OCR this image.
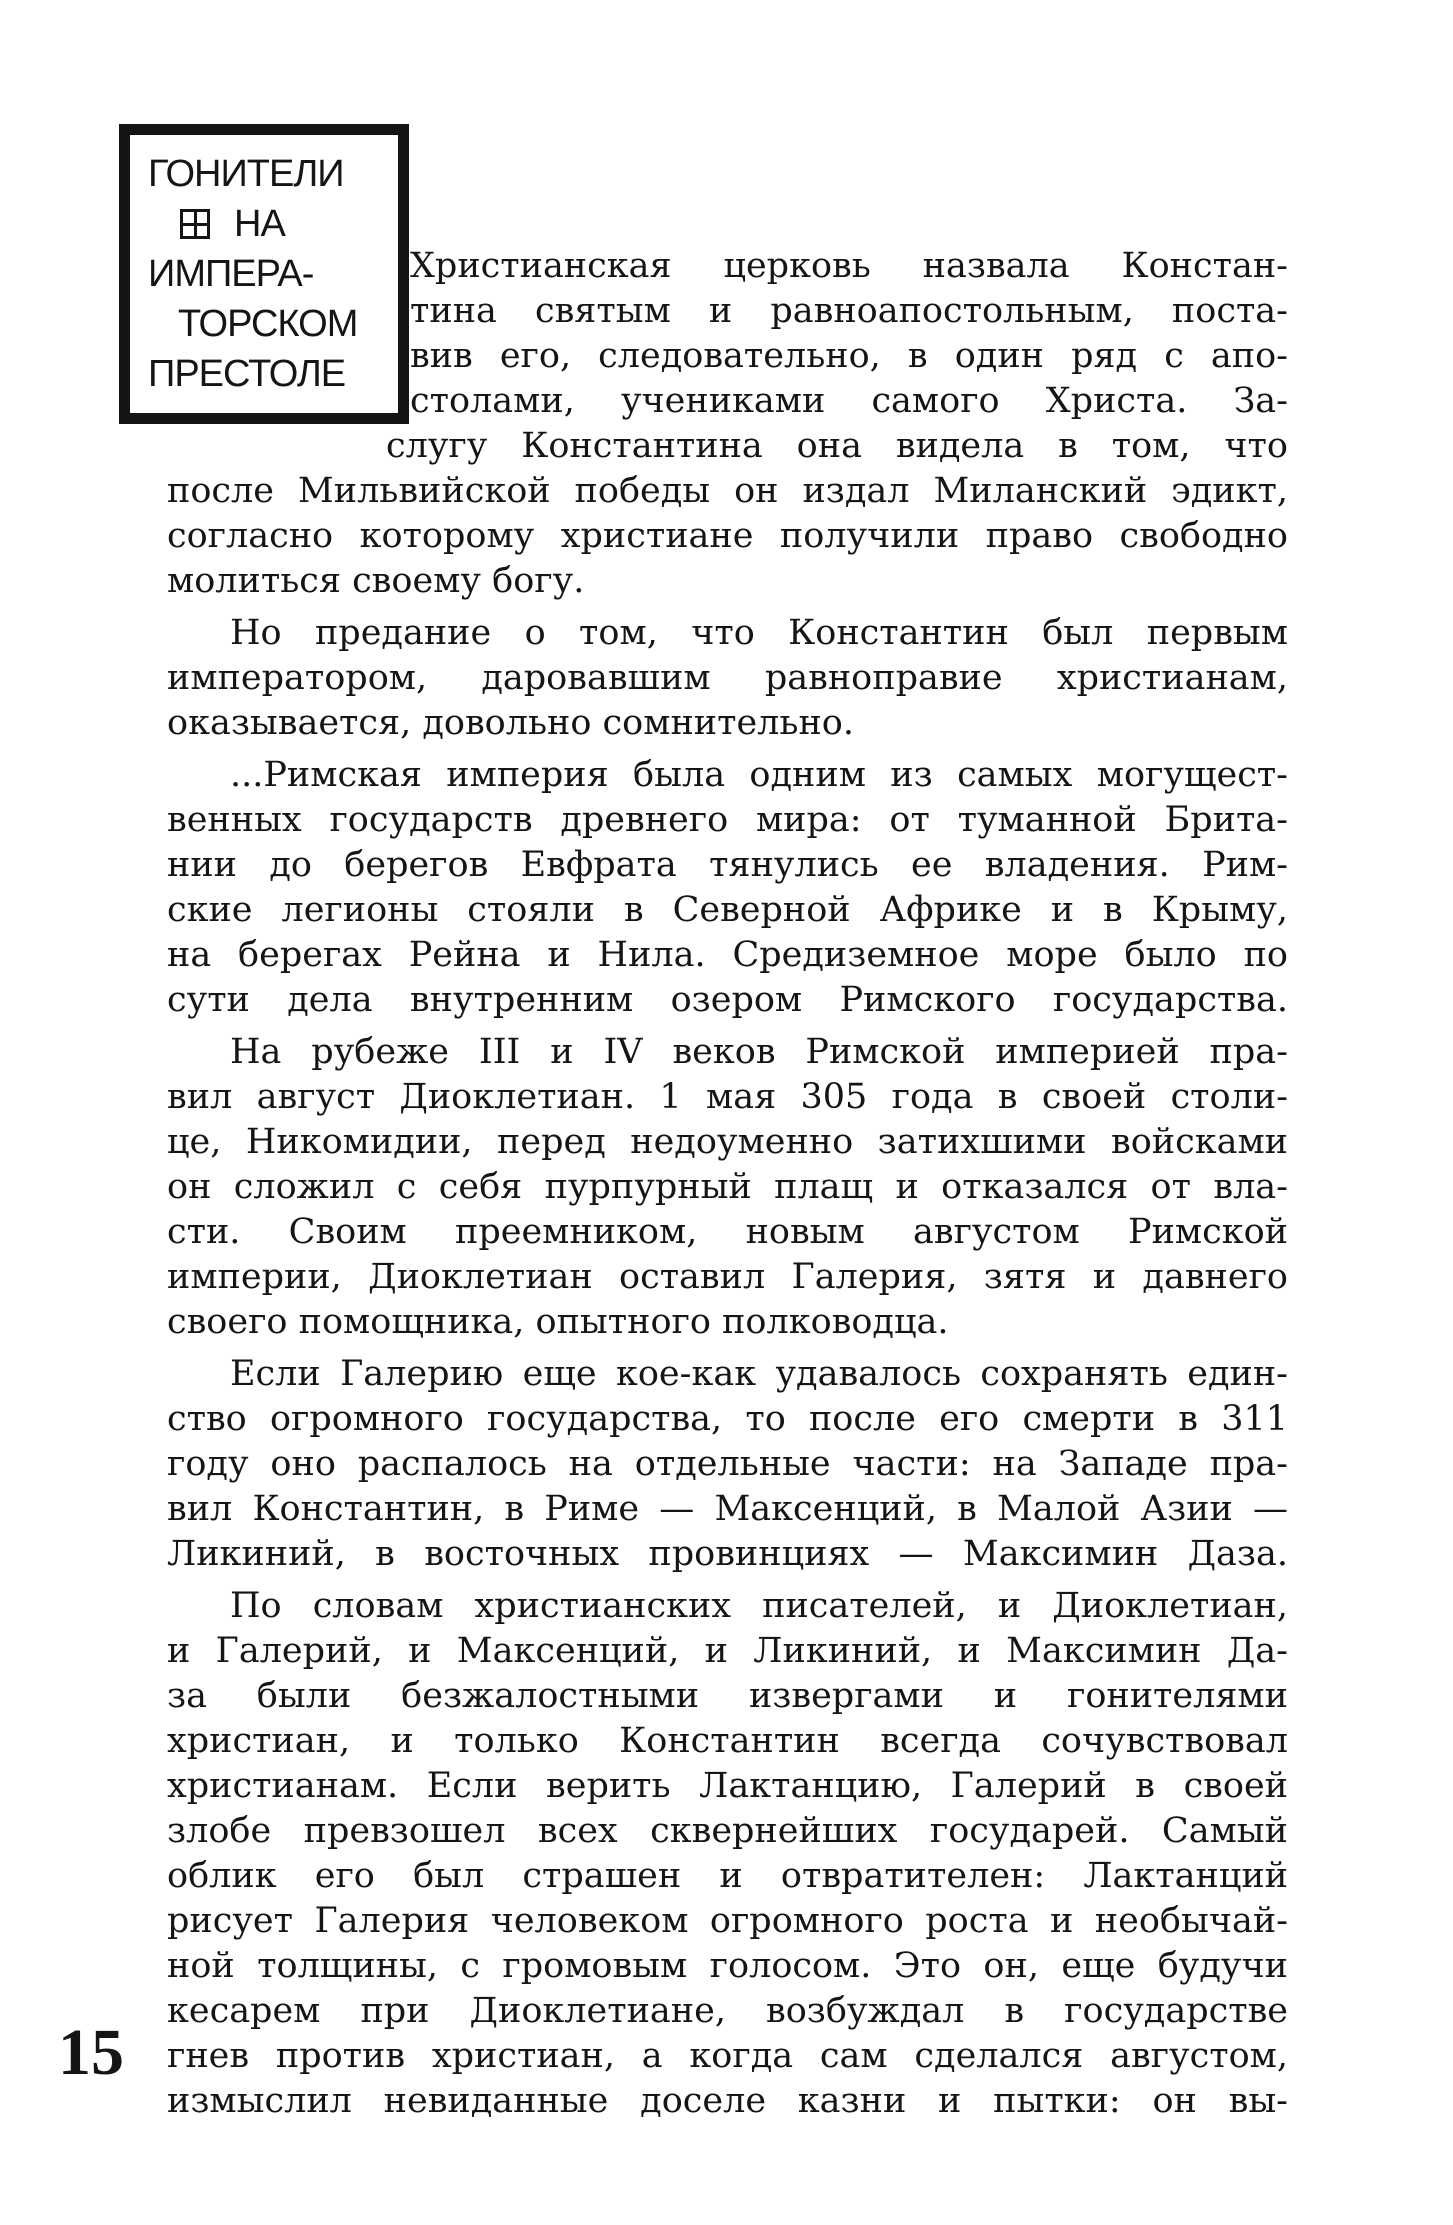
ГОНИТЕЛИ
НА
ИМПЕРА-
ТОРСКОМ
ПРЕСТОЛЕ
Христианская церковь назвала Констан-
тина святым и равноапостольным, поста-
вив его, следовательно, в один ряд с апо-
столами, учениками самого Христа. За-
слугу Константина она видела в том, что
после Мильвийской победы он издал Миланский эдикт,
согласно которому христиане получили право свободно
молиться своему богу.
Но предание о том, что Константин был первым
императором, даровавшим равноправие христианам,
оказывается, довольно сомнительно.
...Римская империя была одним из самых могущест-
венных государств древнего мира: от туманной Брита-
нии до берегов Евфрата тянулись ее владения. Рим-
ские легионы стояли в Северной Африке и в Крыму,
на берегах Рейна и Нила. Средиземное море было по
сути дела внутренним озером Римского государства.
На рубеже III и IV веков Римской империей пра-
вил август Диоклетиан. 1 мая 305 года в своей столи-
це, Никомидии, перед недоуменно затихшими войсками
он сложил с себя пурпурный плащ и отказался от вла-
сти. Своим преемником, новым августом Римской
империи, Диоклетиан оставил Галерия, зятя и давнего
своего помощника, опытного полководца.
Если Галерию еще кое-как удавалось сохранять един-
ство огромного государства, то после его смерти в 311
году оно распалось на отдельные части: на Западе пра-
вил Константин, в Риме — Максенций, в Малой Азии —
Ликиний, в восточных провинциях — Максимин Даза.
По словам христианских писателей, и Диоклетиан,
и Галерий, и Максенций, и Ликиний, и Максимин Да-
за были безжалостными извергами и гонителями
христиан, и только Константин всегда сочувствовал
христианам. Если верить Лактанцию, Галерий в своей
злобе превзошел всех сквернейших государей. Самый
облик его был страшен и отвратителен: Лактанций
рисует Галерия человеком огромного роста и необычай-
ной толщины, с громовым голосом. Это он, еще будучи
кесарем при Диоклетиане, возбуждал в государстве
гнев против христиан, а когда сам сделался августом,
измыслил невиданные доселе казни и пытки: он вы-
15
